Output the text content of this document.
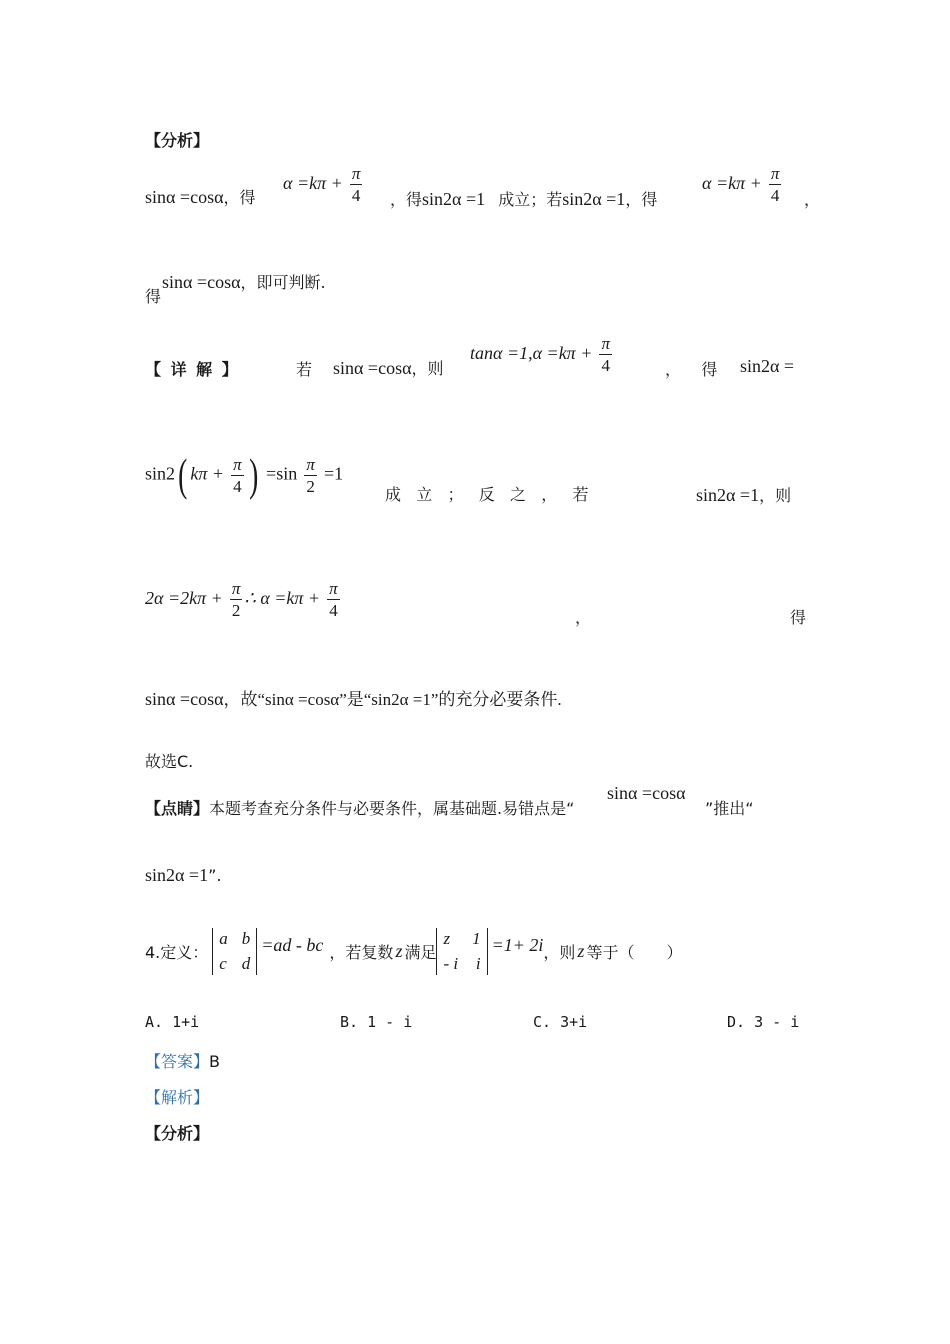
【分析】
sinα =cosα，得
$\alpha =k\pi + \frac{\pi}{4}$ ，得sin2α =1 成立；若sin2α =1，得
$\alpha =k\pi + \frac{\pi}{4}$ ，
得
sinα =cosα，即可判断.
【 详 解 】	若 sinα =cosα，则
$\tan\alpha =1,\alpha =k\pi + \frac{\pi}{4}$	，    得 sin2α =
sin2( $k\pi + \frac{\pi}{4}$ ) $=\sin \frac{\pi}{2} =1$
成   立   ；   反   之   ，   若	sin2α =1，则
$2\alpha =2k\pi + \frac{\pi}{2}$ ∴ $\alpha =k\pi + \frac{\pi}{4}$	，	得
sinα =cosα，故“sinα =cosα”是“sin2α =1”的充分必要条件.
故选C.
【点睛】本题考查充分条件与必要条件，属基础题.易错点是“
sinα =cosα
”推出“
sin2α =1”.
4.定义：
a b
c d
=ad - bc ，若复数 z 满足
z	1
- i i
=1+ 2i ，则 z 等于（　　）
A. 1+i	B. 1 - i	C. 3+i	D. 3 - i
【答案】B
【解析】
【分析】
